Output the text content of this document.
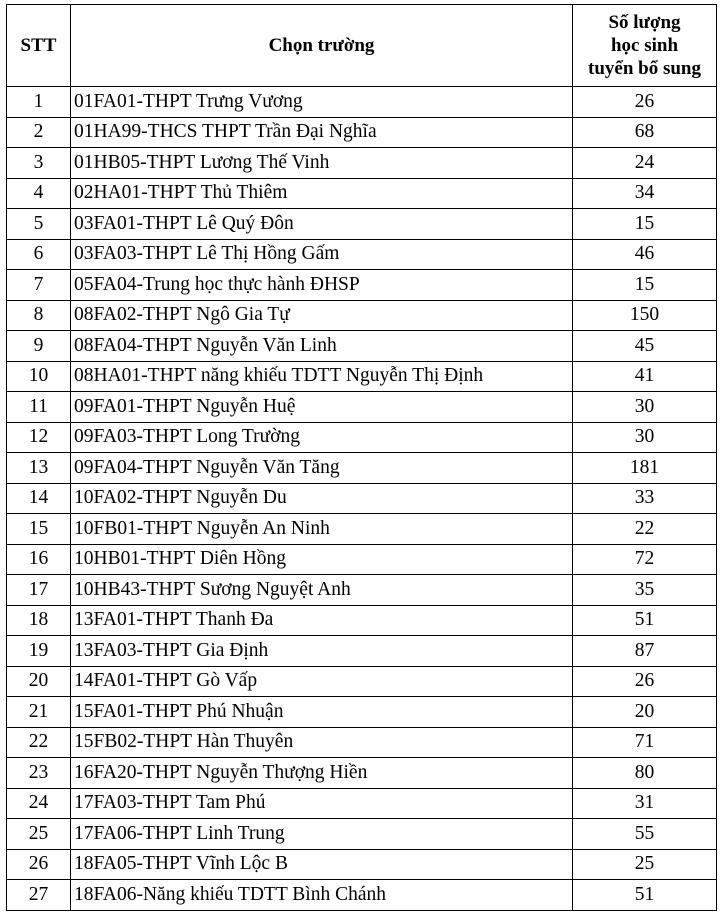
STT	Chọn trường	Số lượng
học sinh
tuyển bổ sung

1	01FA01-THPT Trưng Vương	26
2	01HA99-THCS THPT Trần Đại Nghĩa	68
3	01HB05-THPT Lương Thế Vinh	24
4	02HA01-THPT Thủ Thiêm	34
5	03FA01-THPT Lê Quý Đôn	15
6	03FA03-THPT Lê Thị Hồng Gấm	46
7	05FA04-Trung học thực hành ĐHSP	15
8	08FA02-THPT Ngô Gia Tự	150
9	08FA04-THPT Nguyễn Văn Linh	45
10	08HA01-THPT năng khiếu TDTT Nguyễn Thị Định	41
11	09FA01-THPT Nguyễn Huệ	30
12	09FA03-THPT Long Trường	30
13	09FA04-THPT Nguyễn Văn Tăng	181
14	10FA02-THPT Nguyễn Du	33
15	10FB01-THPT Nguyễn An Ninh	22
16	10HB01-THPT Diên Hồng	72
17	10HB43-THPT Sương Nguyệt Anh	35
18	13FA01-THPT Thanh Đa	51
19	13FA03-THPT Gia Định	87
20	14FA01-THPT Gò Vấp	26
21	15FA01-THPT Phú Nhuận	20
22	15FB02-THPT Hàn Thuyên	71
23	16FA20-THPT Nguyễn Thượng Hiền	80
24	17FA03-THPT Tam Phú	31
25	17FA06-THPT Linh Trung	55
26	18FA05-THPT Vĩnh Lộc B	25
27	18FA06-Năng khiếu TDTT Bình Chánh	51
